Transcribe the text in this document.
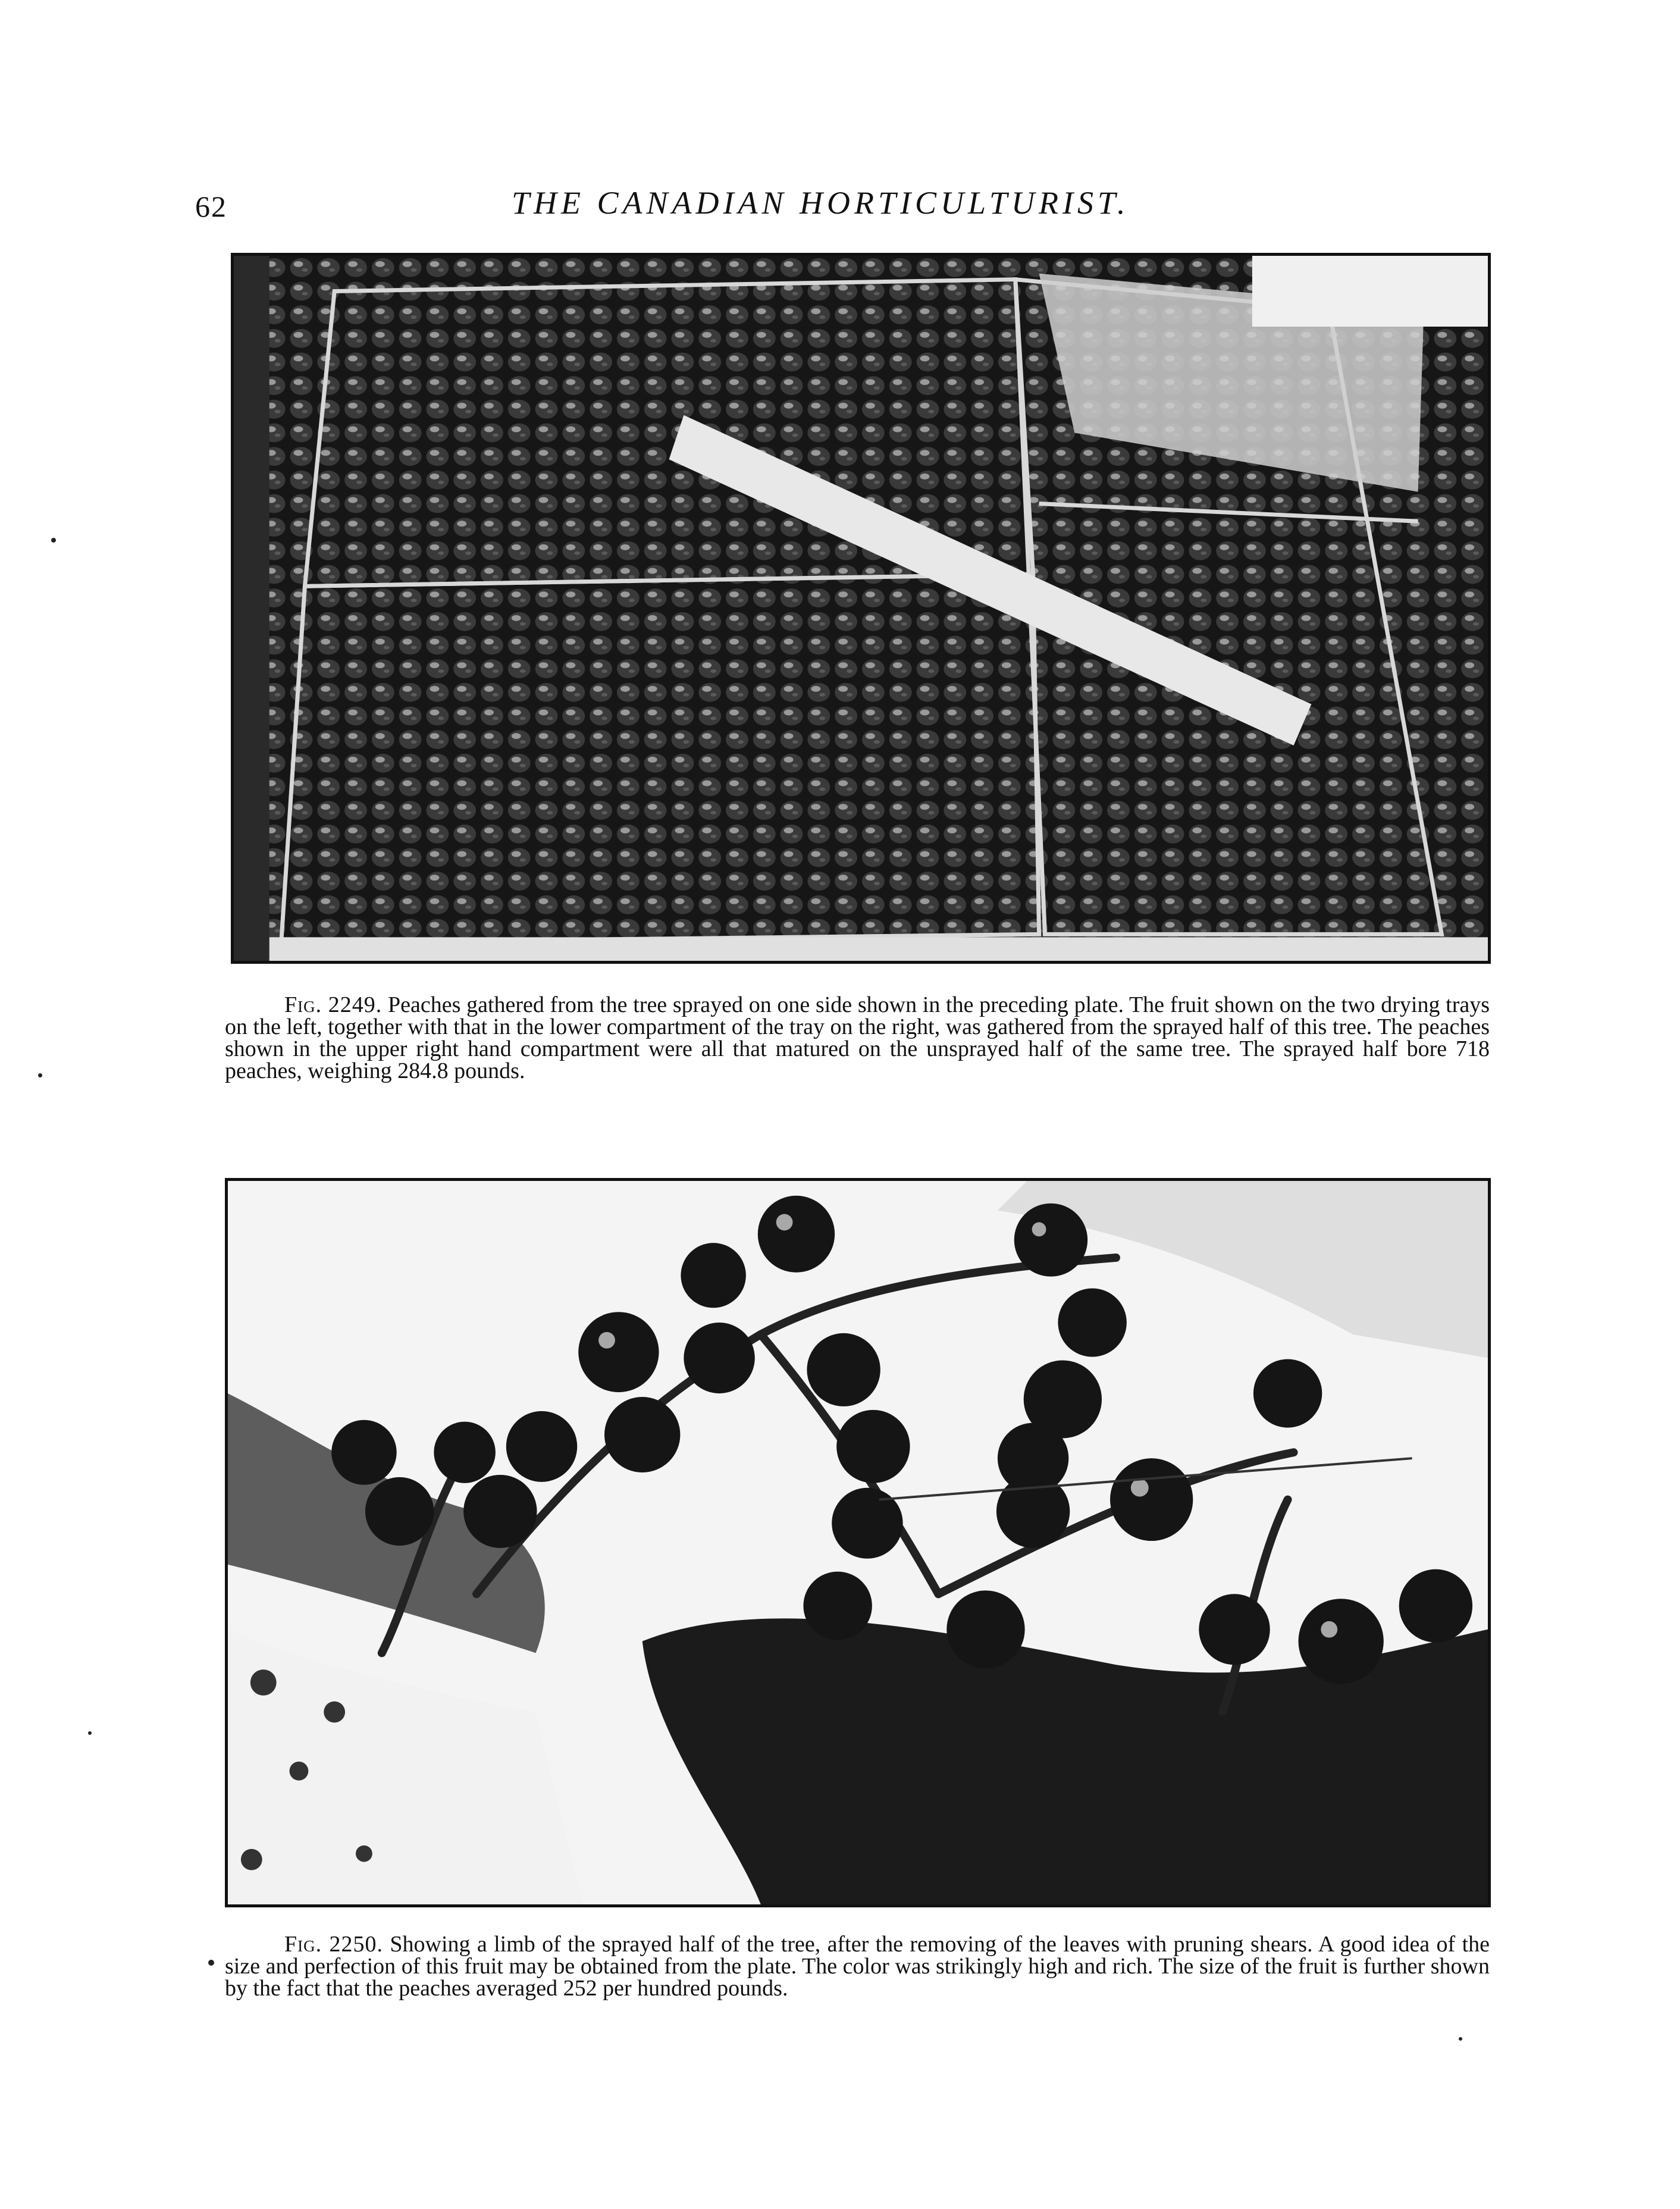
62	THE CANADIAN HORTICULTURIST.
Fig. 2249. Peaches gathered from the tree sprayed on one side shown in the preceding plate. The fruit shown on the two drying trays on the left, together with that in the lower compartment of the tray on the right, was gathered from the sprayed half of this tree. The peaches shown in the upper right hand compartment were all that matured on the unsprayed half of the same tree. The sprayed half bore 718 peaches, weighing 284.8 pounds.
Fig. 2250. Showing a limb of the sprayed half of the tree, after the removing of the leaves with pruning shears. A good idea of the size and perfection of this fruit may be obtained from the plate. The color was strikingly high and rich. The size of the fruit is further shown by the fact that the peaches averaged 252 per hundred pounds.
